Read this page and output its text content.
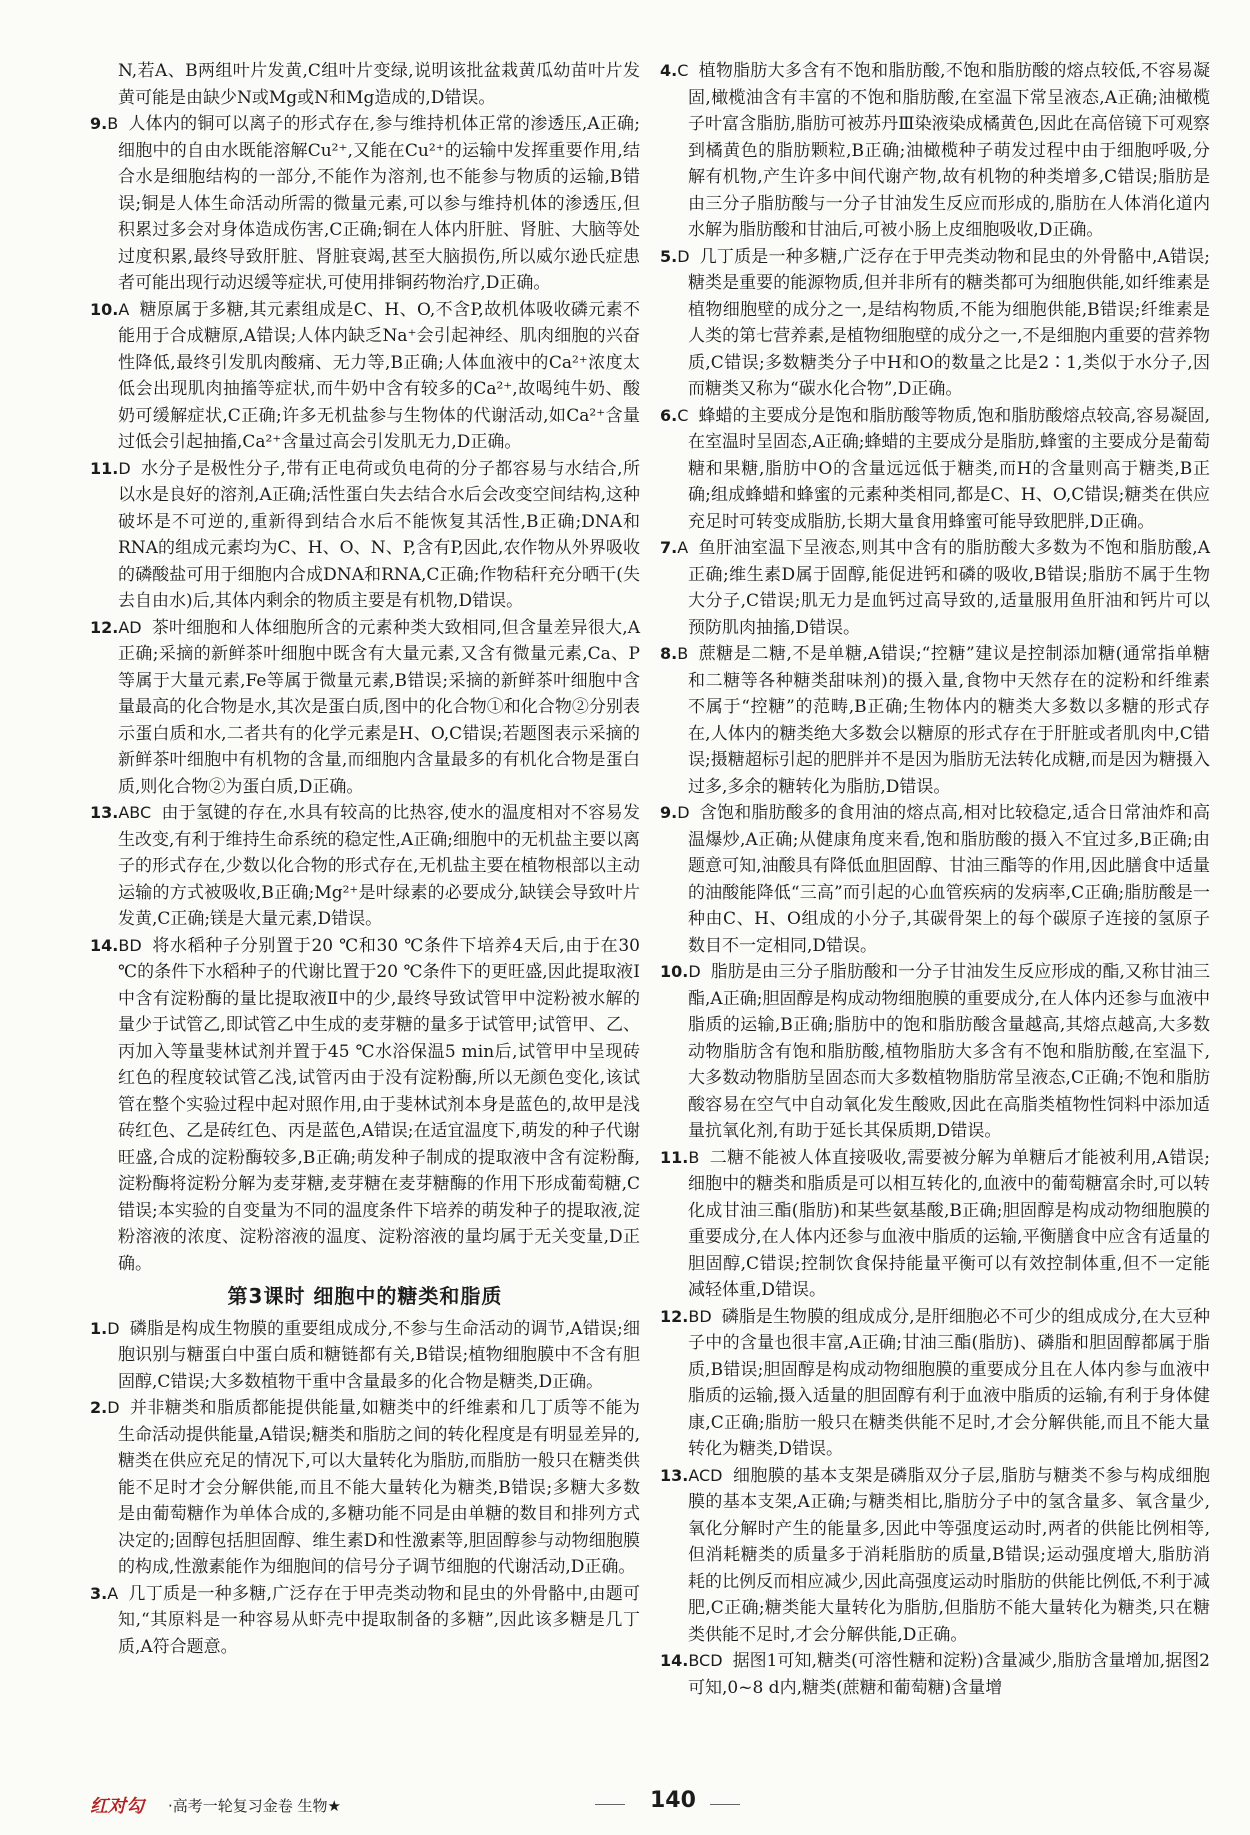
N,若A、B两组叶片发黄,C组叶片变绿,说明该批盆栽黄瓜幼苗叶片发黄可能是由缺少N或Mg或N和Mg造成的,D错误。

9.B 人体内的铜可以离子的形式存在,参与维持机体正常的渗透压,A正确;细胞中的自由水既能溶解Cu²⁺,又能在Cu²⁺的运输中发挥重要作用,结合水是细胞结构的一部分,不能作为溶剂,也不能参与物质的运输,B错误;铜是人体生命活动所需的微量元素,可以参与维持机体的渗透压,但积累过多会对身体造成伤害,C正确;铜在人体内肝脏、肾脏、大脑等处过度积累,最终导致肝脏、肾脏衰竭,甚至大脑损伤,所以威尔逊氏症患者可能出现行动迟缓等症状,可使用排铜药物治疗,D正确。

10.A 糖原属于多糖,其元素组成是C、H、O,不含P,故机体吸收磷元素不能用于合成糖原,A错误;人体内缺乏Na⁺会引起神经、肌肉细胞的兴奋性降低,最终引发肌肉酸痛、无力等,B正确;人体血液中的Ca²⁺浓度太低会出现肌肉抽搐等症状,而牛奶中含有较多的Ca²⁺,故喝纯牛奶、酸奶可缓解症状,C正确;许多无机盐参与生物体的代谢活动,如Ca²⁺含量过低会引起抽搐,Ca²⁺含量过高会引发肌无力,D正确。

11.D 水分子是极性分子,带有正电荷或负电荷的分子都容易与水结合,所以水是良好的溶剂,A正确;活性蛋白失去结合水后会改变空间结构,这种破坏是不可逆的,重新得到结合水后不能恢复其活性,B正确;DNA和RNA的组成元素均为C、H、O、N、P,含有P,因此,农作物从外界吸收的磷酸盐可用于细胞内合成DNA和RNA,C正确;作物秸秆充分晒干(失去自由水)后,其体内剩余的物质主要是有机物,D错误。

12.AD 茶叶细胞和人体细胞所含的元素种类大致相同,但含量差异很大,A正确;采摘的新鲜茶叶细胞中既含有大量元素,又含有微量元素,Ca、P等属于大量元素,Fe等属于微量元素,B错误;采摘的新鲜茶叶细胞中含量最高的化合物是水,其次是蛋白质,图中的化合物①和化合物②分别表示蛋白质和水,二者共有的化学元素是H、O,C错误;若题图表示采摘的新鲜茶叶细胞中有机物的含量,而细胞内含量最多的有机化合物是蛋白质,则化合物②为蛋白质,D正确。

13.ABC 由于氢键的存在,水具有较高的比热容,使水的温度相对不容易发生改变,有利于维持生命系统的稳定性,A正确;细胞中的无机盐主要以离子的形式存在,少数以化合物的形式存在,无机盐主要在植物根部以主动运输的方式被吸收,B正确;Mg²⁺是叶绿素的必要成分,缺镁会导致叶片发黄,C正确;镁是大量元素,D错误。

14.BD 将水稻种子分别置于20 ℃和30 ℃条件下培养4天后,由于在30 ℃的条件下水稻种子的代谢比置于20 ℃条件下的更旺盛,因此提取液Ⅰ中含有淀粉酶的量比提取液Ⅱ中的少,最终导致试管甲中淀粉被水解的量少于试管乙,即试管乙中生成的麦芽糖的量多于试管甲;试管甲、乙、丙加入等量斐林试剂并置于45 ℃水浴保温5 min后,试管甲中呈现砖红色的程度较试管乙浅,试管丙由于没有淀粉酶,所以无颜色变化,该试管在整个实验过程中起对照作用,由于斐林试剂本身是蓝色的,故甲是浅砖红色、乙是砖红色、丙是蓝色,A错误;在适宜温度下,萌发的种子代谢旺盛,合成的淀粉酶较多,B正确;萌发种子制成的提取液中含有淀粉酶,淀粉酶将淀粉分解为麦芽糖,麦芽糖在麦芽糖酶的作用下形成葡萄糖,C错误;本实验的自变量为不同的温度条件下培养的萌发种子的提取液,淀粉溶液的浓度、淀粉溶液的温度、淀粉溶液的量均属于无关变量,D正确。

第3课时 细胞中的糖类和脂质

1.D 磷脂是构成生物膜的重要组成成分,不参与生命活动的调节,A错误;细胞识别与糖蛋白中蛋白质和糖链都有关,B错误;植物细胞膜中不含有胆固醇,C错误;大多数植物干重中含量最多的化合物是糖类,D正确。

2.D 并非糖类和脂质都能提供能量,如糖类中的纤维素和几丁质等不能为生命活动提供能量,A错误;糖类和脂肪之间的转化程度是有明显差异的,糖类在供应充足的情况下,可以大量转化为脂肪,而脂肪一般只在糖类供能不足时才会分解供能,而且不能大量转化为糖类,B错误;多糖大多数是由葡萄糖作为单体合成的,多糖功能不同是由单糖的数目和排列方式决定的;固醇包括胆固醇、维生素D和性激素等,胆固醇参与动物细胞膜的构成,性激素能作为细胞间的信号分子调节细胞的代谢活动,D正确。

3.A 几丁质是一种多糖,广泛存在于甲壳类动物和昆虫的外骨骼中,由题可知,“其原料是一种容易从虾壳中提取制备的多糖”,因此该多糖是几丁质,A符合题意。

4.C 植物脂肪大多含有不饱和脂肪酸,不饱和脂肪酸的熔点较低,不容易凝固,橄榄油含有丰富的不饱和脂肪酸,在室温下常呈液态,A正确;油橄榄子叶富含脂肪,脂肪可被苏丹Ⅲ染液染成橘黄色,因此在高倍镜下可观察到橘黄色的脂肪颗粒,B正确;油橄榄种子萌发过程中由于细胞呼吸,分解有机物,产生许多中间代谢产物,故有机物的种类增多,C错误;脂肪是由三分子脂肪酸与一分子甘油发生反应而形成的,脂肪在人体消化道内水解为脂肪酸和甘油后,可被小肠上皮细胞吸收,D正确。

5.D 几丁质是一种多糖,广泛存在于甲壳类动物和昆虫的外骨骼中,A错误;糖类是重要的能源物质,但并非所有的糖类都可为细胞供能,如纤维素是植物细胞壁的成分之一,是结构物质,不能为细胞供能,B错误;纤维素是人类的第七营养素,是植物细胞壁的成分之一,不是细胞内重要的营养物质,C错误;多数糖类分子中H和O的数量之比是2∶1,类似于水分子,因而糖类又称为“碳水化合物”,D正确。

6.C 蜂蜡的主要成分是饱和脂肪酸等物质,饱和脂肪酸熔点较高,容易凝固,在室温时呈固态,A正确;蜂蜡的主要成分是脂肪,蜂蜜的主要成分是葡萄糖和果糖,脂肪中O的含量远远低于糖类,而H的含量则高于糖类,B正确;组成蜂蜡和蜂蜜的元素种类相同,都是C、H、O,C错误;糖类在供应充足时可转变成脂肪,长期大量食用蜂蜜可能导致肥胖,D正确。

7.A 鱼肝油室温下呈液态,则其中含有的脂肪酸大多数为不饱和脂肪酸,A正确;维生素D属于固醇,能促进钙和磷的吸收,B错误;脂肪不属于生物大分子,C错误;肌无力是血钙过高导致的,适量服用鱼肝油和钙片可以预防肌肉抽搐,D错误。

8.B 蔗糖是二糖,不是单糖,A错误;“控糖”建议是控制添加糖(通常指单糖和二糖等各种糖类甜味剂)的摄入量,食物中天然存在的淀粉和纤维素不属于“控糖”的范畴,B正确;生物体内的糖类大多数以多糖的形式存在,人体内的糖类绝大多数会以糖原的形式存在于肝脏或者肌肉中,C错误;摄糖超标引起的肥胖并不是因为脂肪无法转化成糖,而是因为糖摄入过多,多余的糖转化为脂肪,D错误。

9.D 含饱和脂肪酸多的食用油的熔点高,相对比较稳定,适合日常油炸和高温爆炒,A正确;从健康角度来看,饱和脂肪酸的摄入不宜过多,B正确;由题意可知,油酸具有降低血胆固醇、甘油三酯等的作用,因此膳食中适量的油酸能降低“三高”而引起的心血管疾病的发病率,C正确;脂肪酸是一种由C、H、O组成的小分子,其碳骨架上的每个碳原子连接的氢原子数目不一定相同,D错误。

10.D 脂肪是由三分子脂肪酸和一分子甘油发生反应形成的酯,又称甘油三酯,A正确;胆固醇是构成动物细胞膜的重要成分,在人体内还参与血液中脂质的运输,B正确;脂肪中的饱和脂肪酸含量越高,其熔点越高,大多数动物脂肪含有饱和脂肪酸,植物脂肪大多含有不饱和脂肪酸,在室温下,大多数动物脂肪呈固态而大多数植物脂肪常呈液态,C正确;不饱和脂肪酸容易在空气中自动氧化发生酸败,因此在高脂类植物性饲料中添加适量抗氧化剂,有助于延长其保质期,D错误。

11.B 二糖不能被人体直接吸收,需要被分解为单糖后才能被利用,A错误;细胞中的糖类和脂质是可以相互转化的,血液中的葡萄糖富余时,可以转化成甘油三酯(脂肪)和某些氨基酸,B正确;胆固醇是构成动物细胞膜的重要成分,在人体内还参与血液中脂质的运输,平衡膳食中应含有适量的胆固醇,C错误;控制饮食保持能量平衡可以有效控制体重,但不一定能减轻体重,D错误。

12.BD 磷脂是生物膜的组成成分,是肝细胞必不可少的组成成分,在大豆种子中的含量也很丰富,A正确;甘油三酯(脂肪)、磷脂和胆固醇都属于脂质,B错误;胆固醇是构成动物细胞膜的重要成分且在人体内参与血液中脂质的运输,摄入适量的胆固醇有利于血液中脂质的运输,有利于身体健康,C正确;脂肪一般只在糖类供能不足时,才会分解供能,而且不能大量转化为糖类,D错误。

13.ACD 细胞膜的基本支架是磷脂双分子层,脂肪与糖类不参与构成细胞膜的基本支架,A正确;与糖类相比,脂肪分子中的氢含量多、氧含量少,氧化分解时产生的能量多,因此中等强度运动时,两者的供能比例相等,但消耗糖类的质量多于消耗脂肪的质量,B错误;运动强度增大,脂肪消耗的比例反而相应减少,因此高强度运动时脂肪的供能比例低,不利于减肥,C正确;糖类能大量转化为脂肪,但脂肪不能大量转化为糖类,只在糖类供能不足时,才会分解供能,D正确。

14.BCD 据图1可知,糖类(可溶性糖和淀粉)含量减少,脂肪含量增加,据图2可知,0~8 d内,糖类(蔗糖和葡萄糖)含量增

红对勾 ·高考一轮复习金卷 生物★	140
